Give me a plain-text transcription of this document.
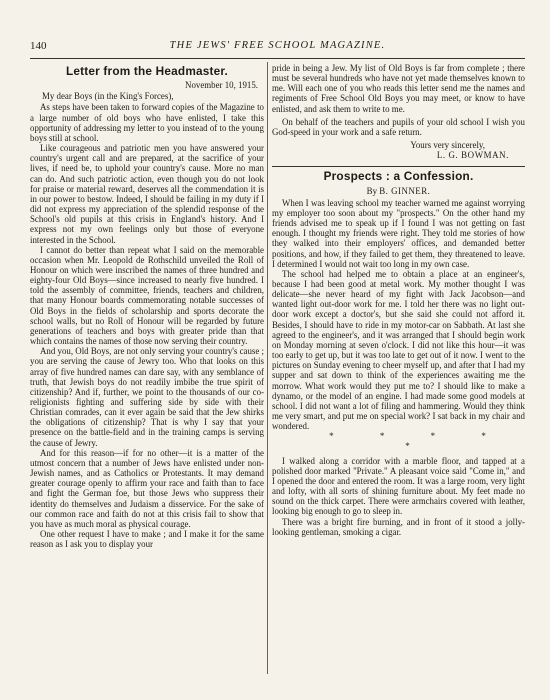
140	THE JEWS' FREE SCHOOL MAGAZINE.
Letter from the Headmaster.
November 10, 1915.
My dear Boys (in the King's Forces),

As steps have been taken to forward copies of the Magazine to a large number of old boys who have enlisted, I take this opportunity of addressing my letter to you instead of to the young boys still at school.

Like courageous and patriotic men you have answered your country's urgent call and are prepared, at the sacrifice of your lives, if need be, to uphold your country's cause. More no man can do. And such patriotic action, even though you do not look for praise or material reward, deserves all the commendation it is in our power to bestow. Indeed, I should be failing in my duty if I did not express my appreciation of the splendid response of the School's old pupils at this crisis in England's history. And I express not my own feelings only but those of everyone interested in the School.

I cannot do better than repeat what I said on the memorable occasion when Mr. Leopold de Rothschild unveiled the Roll of Honour on which were inscribed the names of three hundred and eighty-four Old Boys—since increased to nearly five hundred. I told the assembly of committee, friends, teachers and children, that many Honour boards commemorating notable successes of Old Boys in the fields of scholarship and sports decorate the school walls, but no Roll of Honour will be regarded by future generations of teachers and boys with greater pride than that which contains the names of those now serving their country.

And you, Old Boys, are not only serving your country's cause ; you are serving the cause of Jewry too. Who that looks on this array of five hundred names can dare say, with any semblance of truth, that Jewish boys do not readily imbibe the true spirit of citizenship? And if, further, we point to the thousands of our co-religionists fighting and suffering side by side with their Christian comrades, can it ever again be said that the Jew shirks the obligations of citizenship? That is why I say that your presence on the battle-field and in the training camps is serving the cause of Jewry.

And for this reason—if for no other—it is a matter of the utmost concern that a number of Jews have enlisted under non-Jewish names, and as Catholics or Protestants. It may demand greater courage openly to affirm your race and faith than to face and fight the German foe, but those Jews who suppress their identity do themselves and Judaism a disservice. For the sake of our common race and faith do not at this crisis fail to show that you have as much moral as physical courage.

One other request I have to make ; and I make it for the same reason as I ask you to display your

pride in being a Jew. My list of Old Boys is far from complete ; there must be several hundreds who have not yet made themselves known to me. Will each one of you who reads this letter send me the names and regiments of Free School Old Boys you may meet, or know to have enlisted, and ask them to write to me.

On behalf of the teachers and pupils of your old school I wish you God-speed in your work and a safe return.

Yours very sincerely,
L. G. BOWMAN.
Prospects : a Confession.
By B. GINNER.

When I was leaving school my teacher warned me against worrying my employer too soon about my "prospects." On the other hand my friends advised me to speak up if I found I was not getting on fast enough. I thought my friends were right. They told me stories of how they walked into their employers' offices, and demanded better positions, and how, if they failed to get them, they threatened to leave. I determined I would not wait too long in my own case.

The school had helped me to obtain a place at an engineer's, because I had been good at metal work. My mother thought I was delicate—she never heard of my fight with Jack Jacobson—and wanted light out-door work for me. I told her there was no light out-door work except a doctor's, but she said she could not afford it. Besides, I should have to ride in my motor-car on Sabbath. At last she agreed to the engineer's, and it was arranged that I should begin work on Monday morning at seven o'clock. I did not like this hour—it was too early to get up, but it was too late to get out of it now. I went to the pictures on Sunday evening to cheer myself up, and after that I had my supper and sat down to think of the experiences awaiting me the morrow. What work would they put me to? I should like to make a dynamo, or the model of an engine. I had made some good models at school. I did not want a lot of filing and hammering. Would they think me very smart, and put me on special work? I sat back in my chair and wondered.

* * * * *

I walked along a corridor with a marble floor, and tapped at a polished door marked "Private." A pleasant voice said "Come in," and I opened the door and entered the room. It was a large room, very light and lofty, with all sorts of shining furniture about. My feet made no sound on the thick carpet. There were armchairs covered with leather, looking big enough to go to sleep in.

There was a bright fire burning, and in front of it stood a jolly-looking gentleman, smoking a cigar.
